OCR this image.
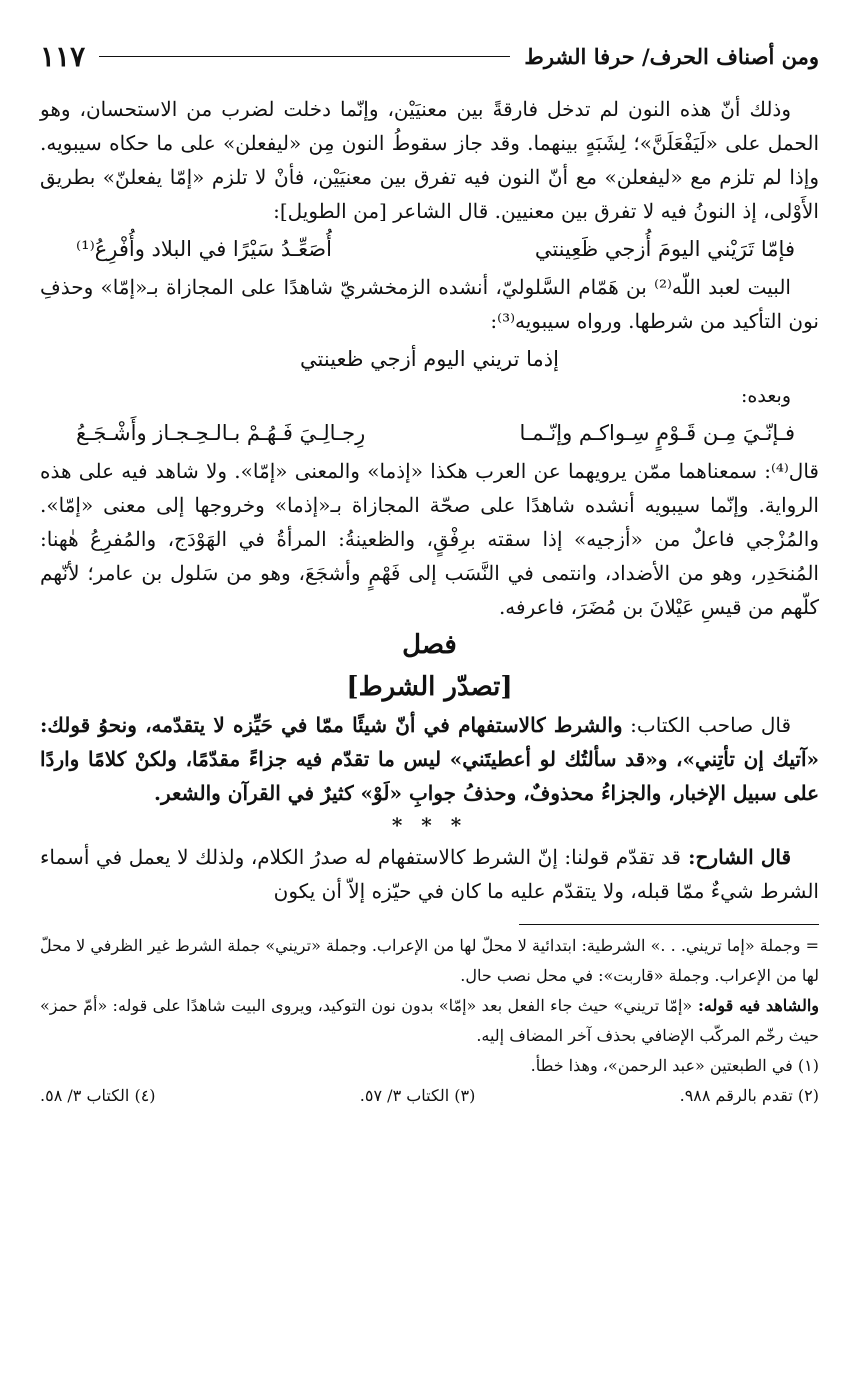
ومن أصناف الحرف/ حرفا الشرط
١١٧

وذلك أنّ هذه النون لم تدخل فارقةً بين معنيَيْن، وإنّما دخلت لضرب من الاستحسان، وهو الحمل على «لَيَفْعَلَنَّ»؛ لِشَبَهٍ بينهما. وقد جاز سقوطُ النون مِن «ليفعلن» على ما حكاه سيبويه. وإذا لم تلزم مع «ليفعلن» مع أنّ النون فيه تفرق بين معنيَيْن، فأنْ لا تلزم «إمّا يفعلنّ» بطريق الأَوْلى، إذ النونُ فيه لا تفرق بين معنيين. قال الشاعر [من الطويل]:

فإمّا تَرَيْني اليومَ أُزجي ظَعِينتي
أُصَعِّـدُ سَيْرًا في البلاد وأُفْرِعُ⁽¹⁾

البيت لعبد اللّه⁽²⁾ بن هَمّام السَّلوليّ، أنشده الزمخشريّ شاهدًا على المجازاة بـ«إمّا» وحذفِ نون التأكيد من شرطها. ورواه سيبويه⁽³⁾:

إذما تريني اليوم أزجي ظعينتي
وبعده:
فـإنّـيَ مِـن قَـوْمٍ سِـواكـم وإنّـمـا
رِجـالِـيَ فَـهُـمْ بـالـحِـجـاز وأَشْـجَـعُ

قال⁽⁴⁾: سمعناهما ممّن يرويهما عن العرب هكذا «إذما» والمعنى «إمّا». ولا شاهد فيه على هذه الرواية. وإنّما سيبويه أنشده شاهدًا على صحّة المجازاة بـ«إذما» وخروجها إلى معنى «إمّا». والمُزْجي فاعلٌ من «أزجيه» إذا سقته برِفْقٍ، والظعينةُ: المرأةُ في الهَوْدَج، والمُفرِعُ هٰهنا: المُنحَدِر، وهو من الأضداد، وانتمى في النَّسَب إلى فَهْمٍ وأشجَعَ، وهو من سَلول بن عامر؛ لأنّهم كلّهم من قيسِ عَيْلانَ بن مُضَرَ، فاعرفه.

فصل
[تصدّر الشرط]

قال صاحب الكتاب: والشرط كالاستفهام في أنّ شيئًا ممّا في حَيِّزه لا يتقدّمه، ونحوُ قولك: «آتيك إن تأتِني»، و«قد سألتُك لو أعطيتَني» ليس ما تقدّم فيه جزاءً مقدّمًا، ولكنْ كلامًا واردًا على سبيل الإخبار، والجزاءُ محذوفٌ، وحذفُ جوابِ «لَوْ» كثيرٌ في القرآن والشعر.

* * *

قال الشارح: قد تقدّم قولنا: إنّ الشرط كالاستفهام له صدرُ الكلام، ولذلك لا يعمل في أسماء الشرط شيءٌ ممّا قبله، ولا يتقدّم عليه ما كان في حيّزه إلاّ أن يكون

= وجملة «إما تريني. . .» الشرطية: ابتدائية لا محلّ لها من الإعراب. وجملة «تريني» جملة الشرط غير الظرفي لا محلّ لها من الإعراب. وجملة «قاربت»: في محل نصب حال.

والشاهد فيه قوله: «إمّا تريني» حيث جاء الفعل بعد «إمّا» بدون نون التوكيد، ويروى البيت شاهدًا على قوله: «أمّ حمز» حيث رخّم المركّب الإضافي بحذف آخر المضاف إليه.

(١) في الطبعتين «عبد الرحمن»، وهذا خطأ.

(٢) تقدم بالرقم ٩٨٨.
(٣) الكتاب ٣/ ٥٧.
(٤) الكتاب ٣/ ٥٨.
